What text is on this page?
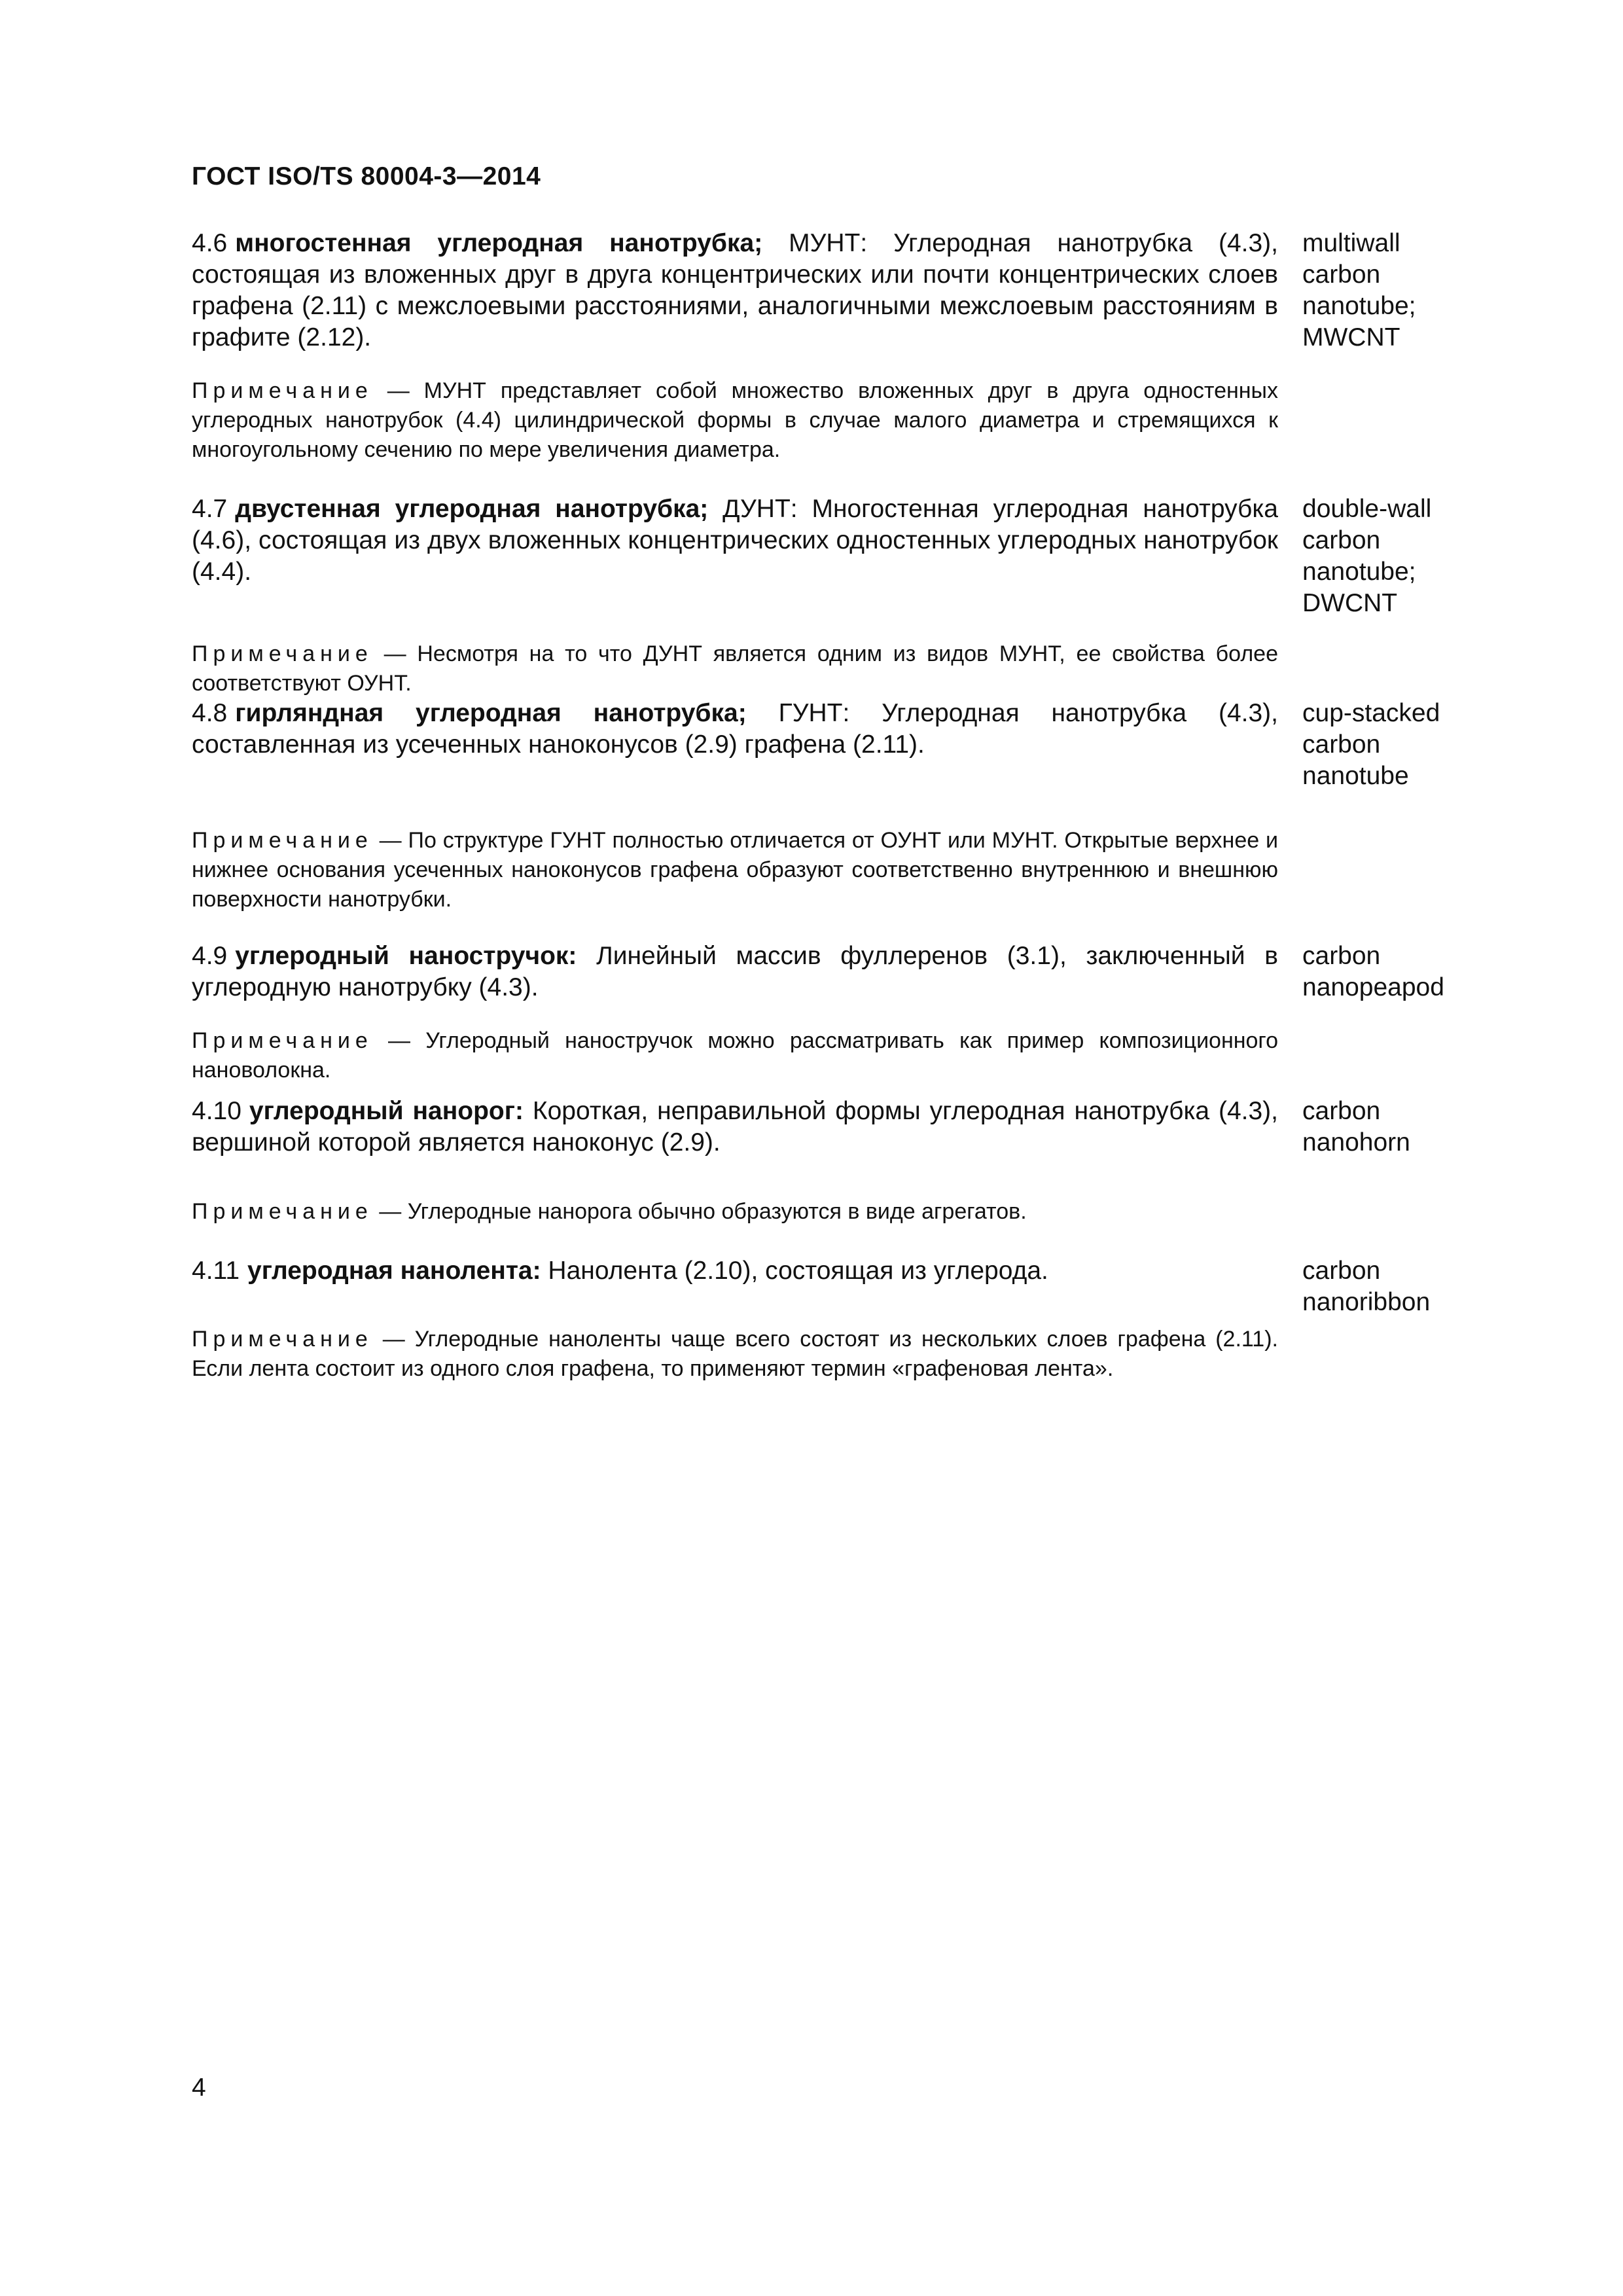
ГОСТ ISO/TS 80004-3—2014
4.6 многостенная углеродная нанотрубка; МУНТ: Углеродная нанотрубка (4.3), состоящая из вложенных друг в друга концентрических или почти концентрических слоев графена (2.11) с межслоевыми расстояниями, аналогичными межслоевым расстояниям в графите (2.12).
multiwall carbon nanotube; MWCNT
Примечание — МУНТ представляет собой множество вложенных друг в друга одностенных углеродных нанотрубок (4.4) цилиндрической формы в случае малого диаметра и стремящихся к многоугольному сечению по мере увеличения диаметра.
4.7 двустенная углеродная нанотрубка; ДУНТ: Многостенная углеродная нанотрубка (4.6), состоящая из двух вложенных концентрических одностенных углеродных нанотрубок (4.4).
double-wall carbon nanotube; DWCNT
Примечание — Несмотря на то что ДУНТ является одним из видов МУНТ, ее свойства более соответствуют ОУНТ.
4.8 гирляндная углеродная нанотрубка; ГУНТ: Углеродная нанотрубка (4.3), составленная из усеченных наноконусов (2.9) графена (2.11).
cup-stacked carbon nanotube
Примечание — По структуре ГУНТ полностью отличается от ОУНТ или МУНТ. Открытые верхнее и нижнее основания усеченных наноконусов графена образуют соответственно внутреннюю и внешнюю поверхности нанотрубки.
4.9 углеродный наностручок: Линейный массив фуллеренов (3.1), заключенный в углеродную нанотрубку (4.3).
carbon nanopeapod
Примечание — Углеродный наностручок можно рассматривать как пример композиционного нановолокна.
4.10 углеродный нанорог: Короткая, неправильной формы углеродная нанотрубка (4.3), вершиной которой является наноконус (2.9).
carbon nanohorn
Примечание — Углеродные нанорога обычно образуются в виде агрегатов.
4.11 углеродная нанолента: Нанолента (2.10), состоящая из углерода.	carbon nanoribbon
Примечание — Углеродные наноленты чаще всего состоят из нескольких слоев графена (2.11). Если лента состоит из одного слоя графена, то применяют термин «графеновая лента».
4
